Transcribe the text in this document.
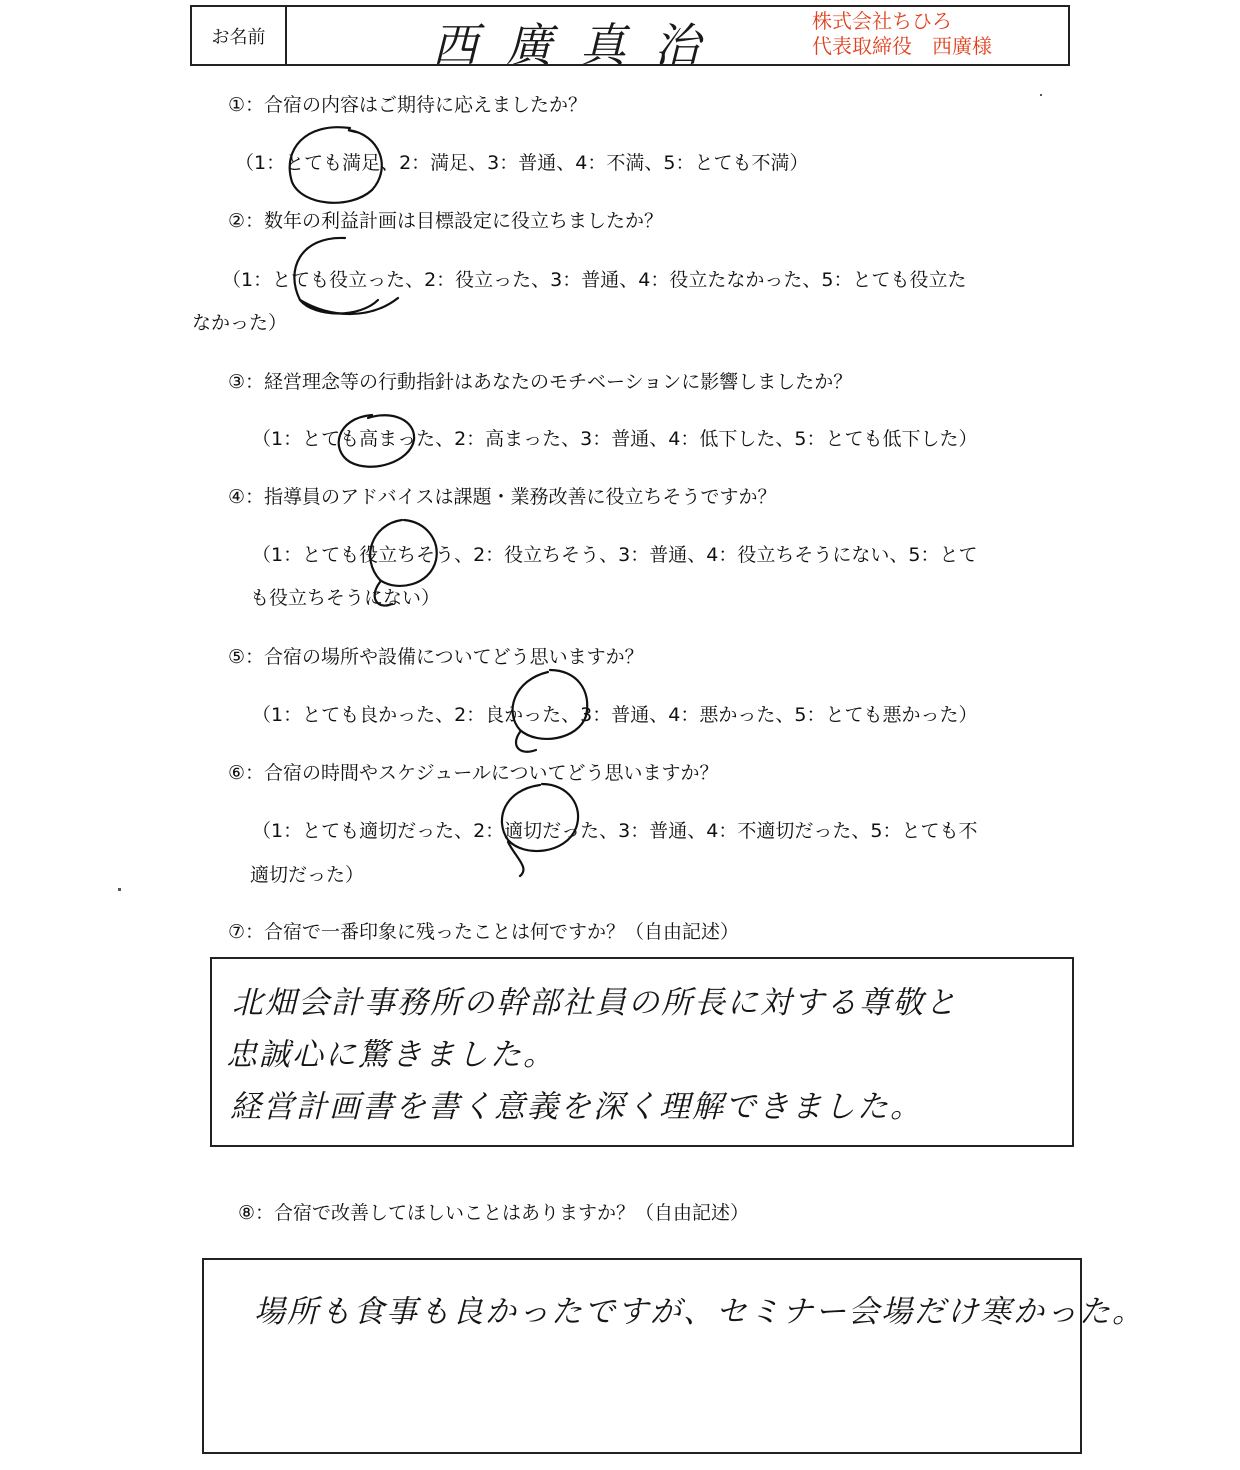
お名前	西廣真治	株式会社ちひろ
代表取締役　西廣様
①：合宿の内容はご期待に応えましたか？
（1：とても満足、2：満足、3：普通、4：不満、5：とても不満）
②：数年の利益計画は目標設定に役立ちましたか？
（1：とても役立った、2：役立った、3：普通、4：役立たなかった、5：とても役立た
なかった）
③：経営理念等の行動指針はあなたのモチベーションに影響しましたか？
（1：とても高まった、2：高まった、3：普通、4：低下した、5：とても低下した）
④：指導員のアドバイスは課題・業務改善に役立ちそうですか？
（1：とても役立ちそう、2：役立ちそう、3：普通、4：役立ちそうにない、5：とて
も役立ちそうにない）
⑤：合宿の場所や設備についてどう思いますか？
（1：とても良かった、2：良かった、3：普通、4：悪かった、5：とても悪かった）
⑥：合宿の時間やスケジュールについてどう思いますか？
（1：とても適切だった、2：適切だった、3：普通、4：不適切だった、5：とても不
適切だった）
⑦：合宿で一番印象に残ったことは何ですか？（自由記述）
北畑会計事務所の幹部社員の所長に対する尊敬と
忠誠心に驚きました。
経営計画書を書く意義を深く理解できました。
⑧：合宿で改善してほしいことはありますか？（自由記述）
場所も食事も良かったですが、セミナー会場だけ寒かった。
